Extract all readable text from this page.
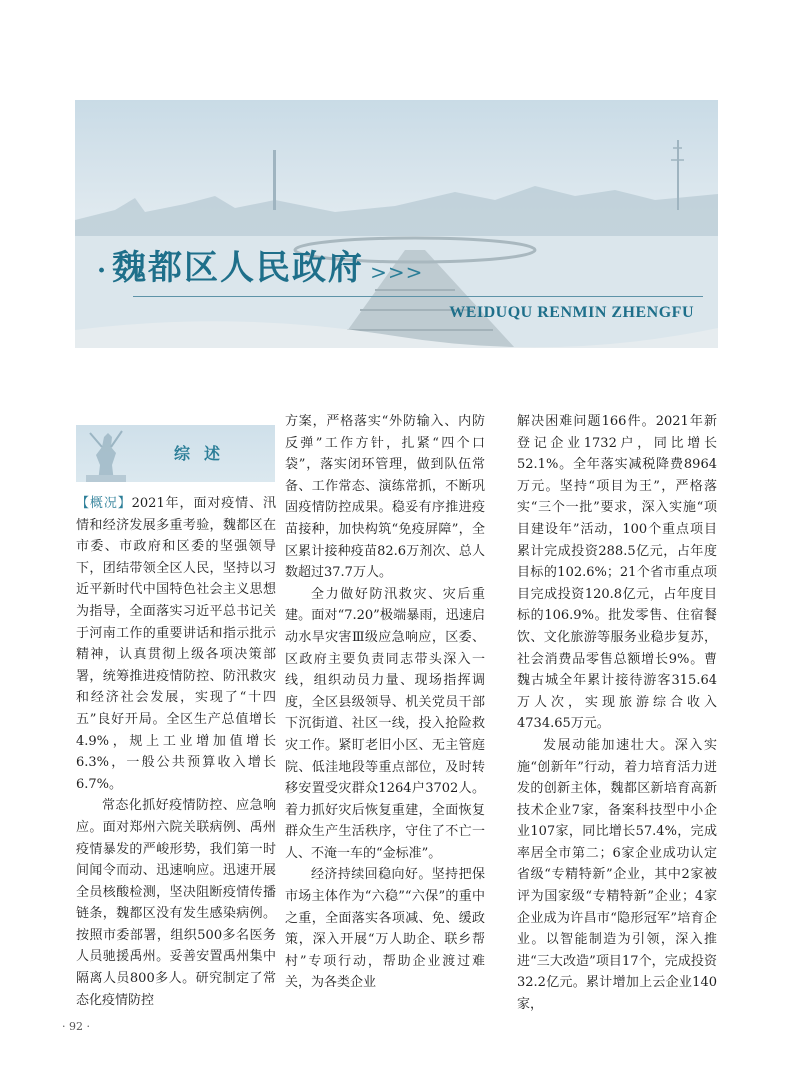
· 魏都区人民政府 >>>
WEIDUQU RENMIN ZHENGFU
综述

【概况】2021年，面对疫情、汛情和经济发展多重考验，魏都区在市委、市政府和区委的坚强领导下，团结带领全区人民，坚持以习近平新时代中国特色社会主义思想为指导，全面落实习近平总书记关于河南工作的重要讲话和指示批示精神，认真贯彻上级各项决策部署，统筹推进疫情防控、防汛救灾和经济社会发展，实现了“十四五”良好开局。全区生产总值增长4.9%，规上工业增加值增长6.3%，一般公共预算收入增长6.7%。

常态化抓好疫情防控、应急响应。面对郑州六院关联病例、禹州疫情暴发的严峻形势，我们第一时间闻令而动、迅速响应。迅速开展全员核酸检测，坚决阻断疫情传播链条，魏都区没有发生感染病例。按照市委部署，组织500多名医务人员驰援禹州。妥善安置禹州集中隔离人员800多人。研究制定了常态化疫情防控

方案，严格落实“外防输入、内防反弹”工作方针，扎紧“四个口袋”，落实闭环管理，做到队伍常备、工作常态、演练常抓，不断巩固疫情防控成果。稳妥有序推进疫苗接种，加快构筑“免疫屏障”，全区累计接种疫苗82.6万剂次、总人数超过37.7万人。

全力做好防汛救灾、灾后重建。面对“7.20”极端暴雨，迅速启动水旱灾害Ⅲ级应急响应，区委、区政府主要负责同志带头深入一线，组织动员力量、现场指挥调度，全区县级领导、机关党员干部下沉街道、社区一线，投入抢险救灾工作。紧盯老旧小区、无主管庭院、低洼地段等重点部位，及时转移安置受灾群众1264户3702人。着力抓好灾后恢复重建，全面恢复群众生产生活秩序，守住了不亡一人、不淹一车的“金标准”。

经济持续回稳向好。坚持把保市场主体作为“六稳”“六保”的重中之重，全面落实各项减、免、缓政策，深入开展“万人助企、联乡帮村”专项行动，帮助企业渡过难关，为各类企业

解决困难问题166件。2021年新登记企业1732户，同比增长52.1%。全年落实减税降费8964万元。坚持“项目为王”，严格落实“三个一批”要求，深入实施“项目建设年”活动，100个重点项目累计完成投资288.5亿元，占年度目标的102.6%；21个省市重点项目完成投资120.8亿元，占年度目标的106.9%。批发零售、住宿餐饮、文化旅游等服务业稳步复苏，社会消费品零售总额增长9%。曹魏古城全年累计接待游客315.64万人次，实现旅游综合收入4734.65万元。

发展动能加速壮大。深入实施“创新年”行动，着力培育活力迸发的创新主体，魏都区新培育高新技术企业7家，备案科技型中小企业107家，同比增长57.4%，完成率居全市第二；6家企业成功认定省级“专精特新”企业，其中2家被评为国家级“专精特新”企业；4家企业成为许昌市“隐形冠军”培育企业。以智能制造为引领，深入推进“三大改造”项目17个，完成投资32.2亿元。累计增加上云企业140家，

· 92 ·
